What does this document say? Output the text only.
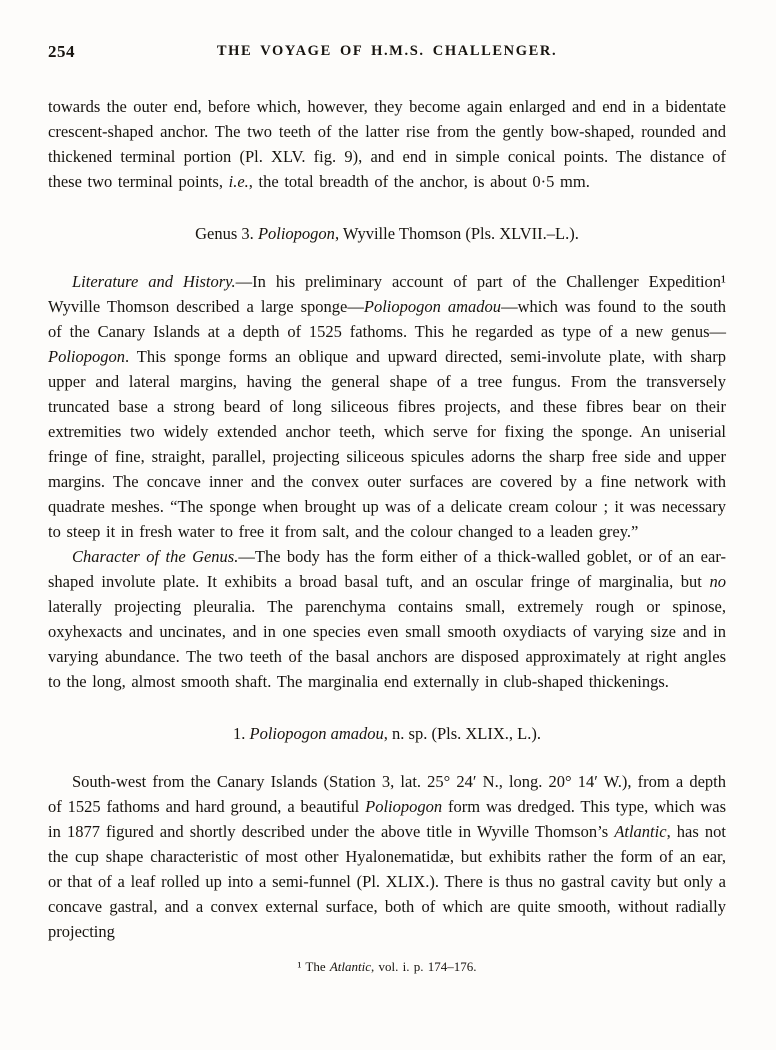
254	THE VOYAGE OF H.M.S. CHALLENGER.

towards the outer end, before which, however, they become again enlarged and end in a bidentate crescent-shaped anchor. The two teeth of the latter rise from the gently bow-shaped, rounded and thickened terminal portion (Pl. XLV. fig. 9), and end in simple conical points. The distance of these two terminal points, i.e., the total breadth of the anchor, is about 0·5 mm.

Genus 3. Poliopogon, Wyville Thomson (Pls. XLVII.–L.).

Literature and History.—In his preliminary account of part of the Challenger Expedition¹ Wyville Thomson described a large sponge—Poliopogon amadou—which was found to the south of the Canary Islands at a depth of 1525 fathoms. This he regarded as type of a new genus—Poliopogon. This sponge forms an oblique and upward directed, semi-involute plate, with sharp upper and lateral margins, having the general shape of a tree fungus. From the transversely truncated base a strong beard of long siliceous fibres projects, and these fibres bear on their extremities two widely extended anchor teeth, which serve for fixing the sponge. An uniserial fringe of fine, straight, parallel, projecting siliceous spicules adorns the sharp free side and upper margins. The concave inner and the convex outer surfaces are covered by a fine network with quadrate meshes. “The sponge when brought up was of a delicate cream colour ; it was necessary to steep it in fresh water to free it from salt, and the colour changed to a leaden grey.”

Character of the Genus.—The body has the form either of a thick-walled goblet, or of an ear-shaped involute plate. It exhibits a broad basal tuft, and an oscular fringe of marginalia, but no laterally projecting pleuralia. The parenchyma contains small, extremely rough or spinose, oxyhexacts and uncinates, and in one species even small smooth oxydiacts of varying size and in varying abundance. The two teeth of the basal anchors are disposed approximately at right angles to the long, almost smooth shaft. The marginalia end externally in club-shaped thickenings.

1. Poliopogon amadou, n. sp. (Pls. XLIX., L.).

South-west from the Canary Islands (Station 3, lat. 25° 24′ N., long. 20° 14′ W.), from a depth of 1525 fathoms and hard ground, a beautiful Poliopogon form was dredged. This type, which was in 1877 figured and shortly described under the above title in Wyville Thomson’s Atlantic, has not the cup shape characteristic of most other Hyalonematidæ, but exhibits rather the form of an ear, or that of a leaf rolled up into a semi-funnel (Pl. XLIX.). There is thus no gastral cavity but only a concave gastral, and a convex external surface, both of which are quite smooth, without radially projecting

¹ The Atlantic, vol. i. p. 174–176.
